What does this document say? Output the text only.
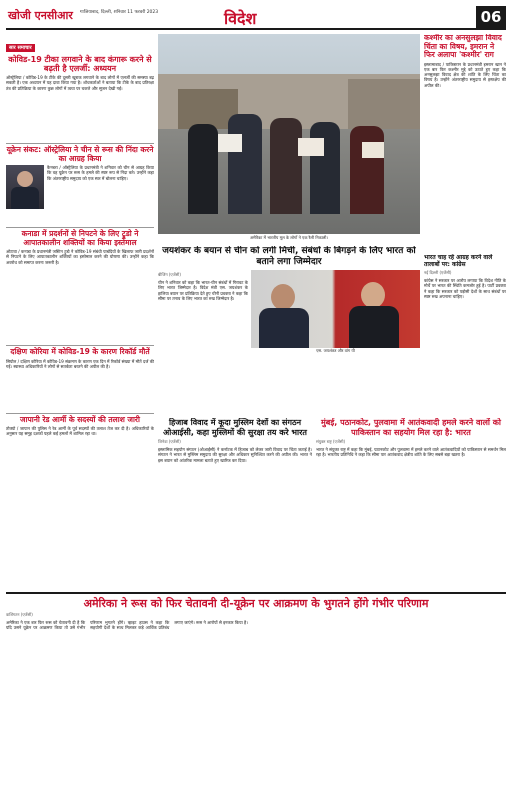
खोजी एनसीआर गाजियाबाद, दिल्ली, शनिवार 11 फरवरी 2023	विदेश	06
सार समाचार
कोविड-19 टीका लगवाने के बाद कंगारू करने से बढ़ती है एलर्जी: अध्ययन
ऑस्ट्रेलिया / कोविड-19 के टीके की दूसरी खुराक लगवाने के बाद लोगों में एलर्जी की समस्या बढ़ सकती है। एक अध्ययन में यह दावा किया गया है। शोधकर्ताओं ने बताया कि टीके के बाद प्रतिरक्षा तंत्र की प्रतिक्रिया के कारण कुछ लोगों में त्वचा पर चकत्ते और सूजन देखी गई।
यूक्रेन संकट: ऑस्ट्रेलिया ने चीन से रूस की निंदा करने का आग्रह किया
कैनबरा / ऑस्ट्रेलिया के प्रधानमंत्री ने शनिवार को चीन से आग्रह किया कि वह यूक्रेन पर रूस के हमले की स्पष्ट रूप से निंदा करे। उन्होंने कहा कि अंतरराष्ट्रीय समुदाय को एक स्वर में बोलना चाहिए।
कनाडा में प्रदर्शनों से निपटने के लिए ट्रूडो ने आपातकालीन शक्तियों का किया इस्तेमाल
ओटावा / कनाडा के प्रधानमंत्री जस्टिन ट्रूडो ने कोविड-19 संबंधी पाबंदियों के खिलाफ जारी प्रदर्शनों से निपटने के लिए आपातकालीन शक्तियों का इस्तेमाल करने की घोषणा की। उन्होंने कहा कि अवरोध को समाप्त करना जरूरी है।
दक्षिण कोरिया में कोविड-19 के कारण रिकॉर्ड मौतें
सियोल / दक्षिण कोरिया में कोविड-19 संक्रमण के कारण एक दिन में रिकॉर्ड संख्या में मौतें दर्ज की गईं। स्वास्थ्य अधिकारियों ने लोगों से सतर्कता बरतने की अपील की है।
जापानी रेड आर्मी के सदस्यों की तलाश जारी
तोक्यो / जापान की पुलिस ने रेड आर्मी के पूर्व सदस्यों की तलाश तेज कर दी है। अधिकारियों के अनुसार यह समूह दशकों पहले कई हमलों में शामिल रहा था।
अमेरिका में भारतीय मूल के लोगों ने एक रैली निकाली।
कश्मीर का अनसुलझा विवाद चिंता का विषय, इमरान ने फिर अलापा 'कश्मीर' राग
इस्लामाबाद / पाकिस्तान के प्रधानमंत्री इमरान खान ने एक बार फिर कश्मीर मुद्दे को उठाते हुए कहा कि अनसुलझा विवाद क्षेत्र की शांति के लिए चिंता का विषय है। उन्होंने अंतरराष्ट्रीय समुदाय से हस्तक्षेप की अपील की।
जयशंकर के बयान से चीन को लगी मिर्ची, संबंधों के बिगड़ने के लिए भारत को बताने लगा जिम्मेदार
बीजिंग (एजेंसी)
चीन ने शनिवार को कहा कि भारत-चीन संबंधों में गिरावट के लिए भारत जिम्मेदार है। विदेश मंत्री एस. जयशंकर के हालिया बयान पर प्रतिक्रिया देते हुए चीनी प्रवक्ता ने कहा कि सीमा पर तनाव के लिए भारत का रुख जिम्मेदार है।
एस. जयशंकर और वांग यी
भारत चाह रहे आग्रह करने वाले तालाबों पर: कांग्रेस
नई दिल्ली (एजेंसी)
कांग्रेस ने सरकार पर आरोप लगाया कि विदेश नीति के मोर्चे पर भारत की स्थिति कमजोर हुई है। पार्टी प्रवक्ता ने कहा कि सरकार को पड़ोसी देशों के साथ संबंधों पर स्पष्ट रुख अपनाना चाहिए।
हिजाब विवाद में कूदा मुस्लिम देशों का संगठन ओआईसी, कहा मुस्लिमों की सुरक्षा तय करे भारत
जिनेवा (एजेंसी)
इस्लामिक सहयोग संगठन (ओआईसी) ने कर्नाटक में हिजाब को लेकर जारी विवाद पर चिंता जताई है। संगठन ने भारत से मुस्लिम समुदाय की सुरक्षा और अधिकार सुनिश्चित करने की अपील की। भारत ने इस बयान को आंतरिक मामला बताते हुए खारिज कर दिया।
मुंबई, पठानकोट, पुलवामा में आतंकवादी हमले करने वालों को पाकिस्तान का सहयोग मिल रहा है: भारत
संयुक्त राष्ट्र (एजेंसी)
भारत ने संयुक्त राष्ट्र में कहा कि मुंबई, पठानकोट और पुलवामा में हमले करने वाले आतंकवादियों को पाकिस्तान से समर्थन मिल रहा है। भारतीय प्रतिनिधि ने कहा कि सीमा पार आतंकवाद क्षेत्रीय शांति के लिए सबसे बड़ा खतरा है।
अमेरिका ने रूस को फिर चेतावनी दी-यूक्रेन पर आक्रमण के भुगतने होंगे गंभीर परिणाम
वाशिंगटन (एजेंसी)
अमेरिका ने एक बार फिर रूस को चेतावनी दी है कि यदि उसने यूक्रेन पर आक्रमण किया तो उसे गंभीर परिणाम भुगतने होंगे। व्हाइट हाउस ने कहा कि सहयोगी देशों के साथ मिलकर कड़े आर्थिक प्रतिबंध लगाए जाएंगे। रूस ने आरोपों से इनकार किया है।
